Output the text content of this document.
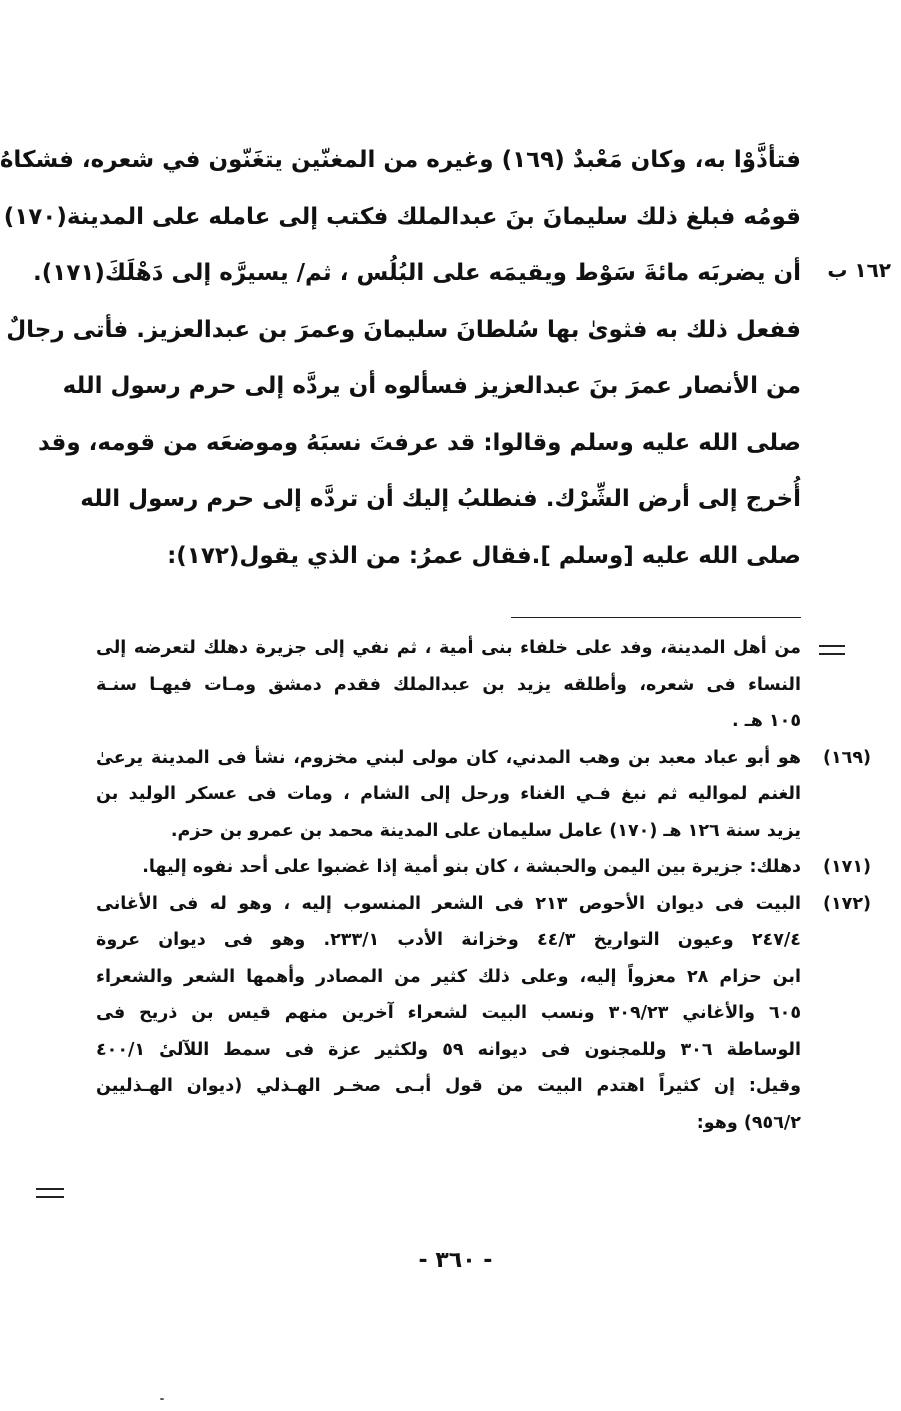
فتأذَّوْا به، وكان مَعْبدٌ (١٦٩) وغيره من المغنّين يتغَنّون في شعره، فشكاهُ
قومُه فبلغ ذلك سليمانَ بنَ عبدالملك فكتب إلى عامله على المدينة(١٧٠)
أن يضربَه مائةَ سَوْط ويقيمَه على البُلُس ، ثم/ يسيرَّه إلى دَهْلَكَ(١٧١).
ففعل ذلك به فثوىٰ بها سُلطانَ سليمانَ وعمرَ بن عبدالعزيز. فأتى رجالٌ
من الأنصار عمرَ بنَ عبدالعزيز فسألوه أن يردَّه إلى حرم رسول الله
صلى الله عليه وسلم وقالوا: قد عرفتَ نسبَهُ وموضعَه من قومه، وقد
أُخرج إلى أرض الشِّرْك. فنطلبُ إليك أن تردَّه إلى حرم رسول الله
صلى الله عليه [وسلم ].فقال عمرُ: من الذي يقول(١٧٢):
١٦٢ ب
من أهل المدينة، وفد على خلفاء بنى أمية ، ثم نفي إلى جزيرة دهلك لتعرضه إلى
النساء فى شعره، وأطلقه يزيد بن عبدالملك فقدم دمشق ومـات فيهـا سنـة
١٠٥ هـ .
(١٦٩)
هو أبو عباد معبد بن وهب المدني، كان مولى لبني مخزوم، نشأ فى المدينة يرعىٰ
الغنم لمواليه ثم نبغ فـي الغناء ورحل إلى الشام ، ومات فى عسكر الوليد بن
يزيد سنة ١٢٦ هـ (١٧٠) عامل سليمان على المدينة محمد بن عمرو بن حزم.
(١٧١)
دهلك: جزيرة بين اليمن والحبشة ، كان بنو أمية إذا غضبوا على أحد نفوه إليها.
(١٧٢)
البيت فى ديوان الأحوص ٢١٣ فى الشعر المنسوب إليه ، وهو له فى الأغانى
٢٤٧/٤ وعيون التواريخ ٤٤/٣ وخزانة الأدب ٢٣٣/١. وهو فى ديوان عروة
ابن حزام ٢٨ معزواً إليه، وعلى ذلك كثير من المصادر وأهمها الشعر والشعراء
٦٠٥ والأغاني ٣٠٩/٢٣ ونسب البيت لشعراء آخرين منهم قيس بن ذريح فى
الوساطة ٣٠٦ وللمجنون فى ديوانه ٥٩ ولكثير عزة فى سمط اللآلىٔ ٤٠٠/١
وقيل: إن كثيراً اهتدم البيت من قول أبـى صخـر الهـذلي (ديوان الهـذليين
٩٥٦/٢) وهو:
- ٣٦٠ -
